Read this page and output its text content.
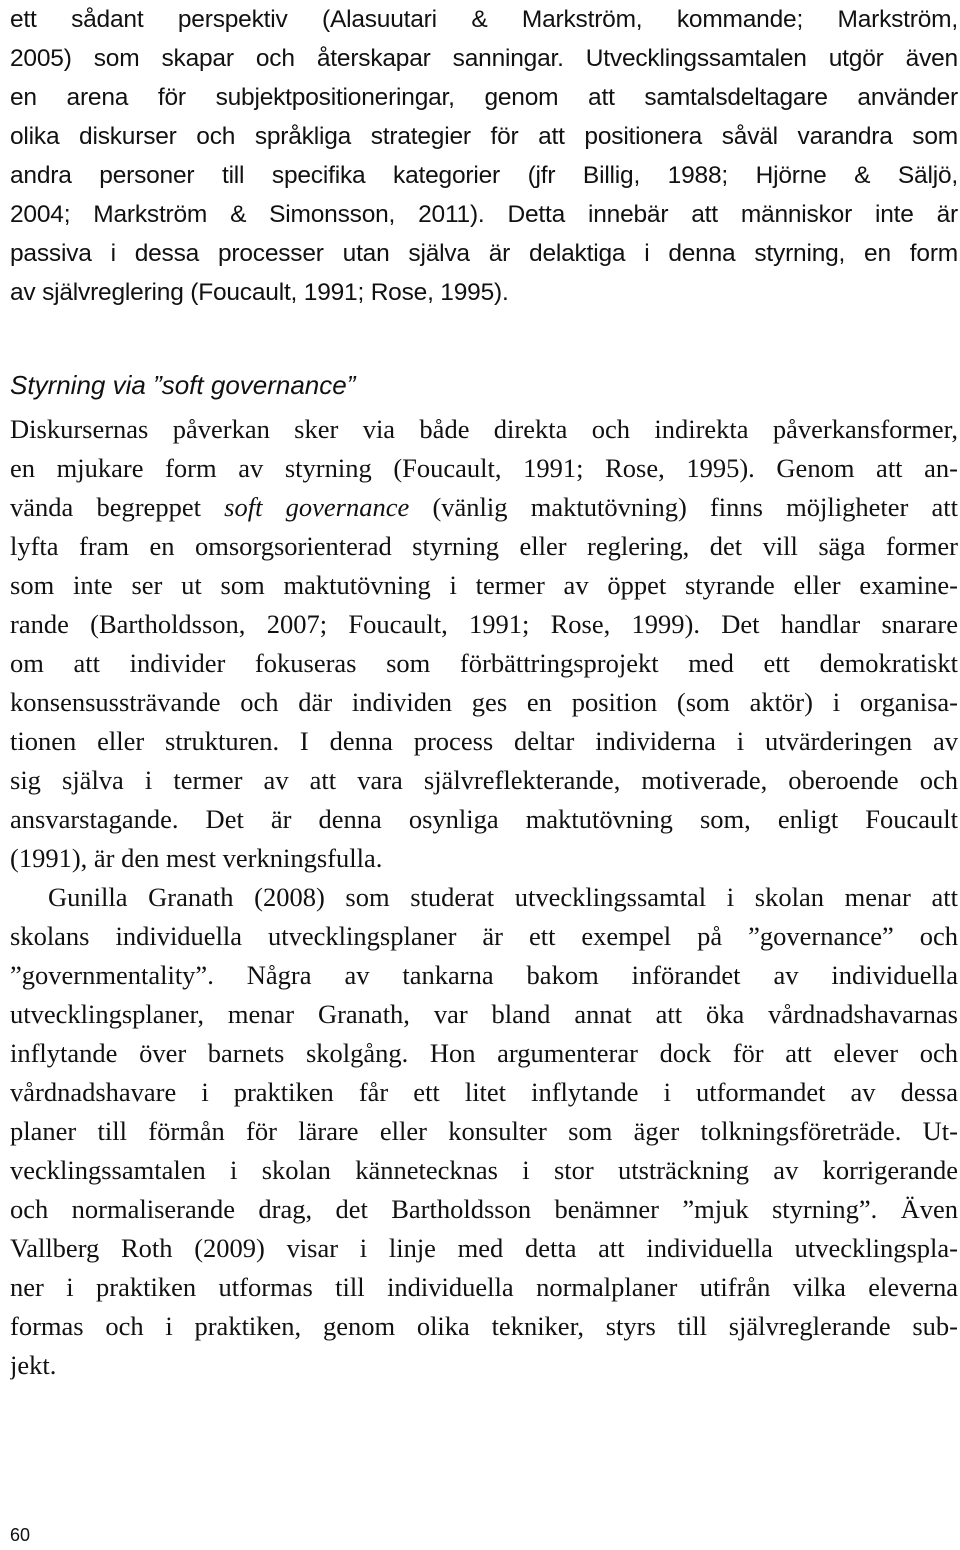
ett sådant perspektiv (Alasuutari & Markström, kommande; Markström,
2005) som skapar och återskapar sanningar. Utvecklingssamtalen utgör även
en arena för subjektpositioneringar, genom att samtalsdeltagare använder
olika diskurser och språkliga strategier för att positionera såväl varandra som
andra personer till specifika kategorier (jfr Billig, 1988; Hjörne & Säljö,
2004; Markström & Simonsson, 2011). Detta innebär att människor inte är
passiva i dessa processer utan själva är delaktiga i denna styrning, en form
av självreglering (Foucault, 1991; Rose, 1995).
Styrning via ”soft governance”
Diskursernas påverkan sker via både direkta och indirekta påverkansformer,
en mjukare form av styrning (Foucault, 1991; Rose, 1995). Genom att an-
vända begreppet soft governance (vänlig maktutövning) finns möjligheter att
lyfta fram en omsorgsorienterad styrning eller reglering, det vill säga former
som inte ser ut som maktutövning i termer av öppet styrande eller examine-
rande (Bartholdsson, 2007; Foucault, 1991; Rose, 1999). Det handlar snarare
om att individer fokuseras som förbättringsprojekt med ett demokratiskt
konsensussträvande och där individen ges en position (som aktör) i organisa-
tionen eller strukturen. I denna process deltar individerna i utvärderingen av
sig själva i termer av att vara självreflekterande, motiverade, oberoende och
ansvarstagande. Det är denna osynliga maktutövning som, enligt Foucault
(1991), är den mest verkningsfulla.
Gunilla Granath (2008) som studerat utvecklingssamtal i skolan menar att
skolans individuella utvecklingsplaner är ett exempel på ”governance” och
”governmentality”. Några av tankarna bakom införandet av individuella
utvecklingsplaner, menar Granath, var bland annat att öka vårdnadshavarnas
inflytande över barnets skolgång. Hon argumenterar dock för att elever och
vårdnadshavare i praktiken får ett litet inflytande i utformandet av dessa
planer till förmån för lärare eller konsulter som äger tolkningsföreträde. Ut-
vecklingssamtalen i skolan kännetecknas i stor utsträckning av korrigerande
och normaliserande drag, det Bartholdsson benämner ”mjuk styrning”. Även
Vallberg Roth (2009) visar i linje med detta att individuella utvecklingspla-
ner i praktiken utformas till individuella normalplaner utifrån vilka eleverna
formas och i praktiken, genom olika tekniker, styrs till självreglerande sub-
jekt.
60
